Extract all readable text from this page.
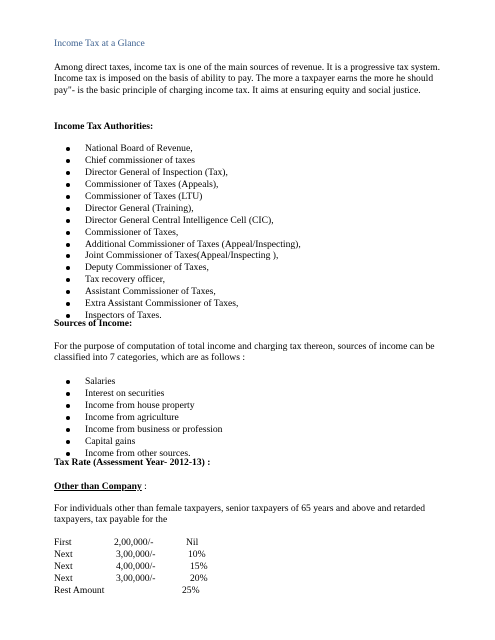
Income Tax at a Glance

Among direct taxes, income tax is one of the main sources of revenue. It is a progressive tax system. Income tax is imposed on the basis of ability to pay. The more a taxpayer earns the more he should pay"- is the basic principle of charging income tax. It aims at ensuring equity and social justice.

Income Tax Authorities:

National Board of Revenue,
Chief commissioner of taxes
Director General of Inspection (Tax),
Commissioner of Taxes (Appeals),
Commissioner of Taxes (LTU)
Director General (Training),
Director General Central Intelligence Cell (CIC),
Commissioner of Taxes,
Additional Commissioner of Taxes (Appeal/Inspecting),
Joint Commissioner of Taxes(Appeal/Inspecting ),
Deputy Commissioner of Taxes,
Tax recovery officer,
Assistant Commissioner of Taxes,
Extra Assistant Commissioner of Taxes,
Inspectors of Taxes.

Sources of Income:

For the purpose of computation of total income and charging tax thereon, sources of income can be classified into 7 categories, which are as follows :

Salaries
Interest on securities
Income from house property
Income from agriculture
Income from business or profession
Capital gains
Income from other sources.

Tax Rate (Assessment Year- 2012-13) :

Other than Company :

For individuals other than female taxpayers, senior taxpayers of 65 years and above and retarded taxpayers, tax payable for the

First	2,00,000/-	Nil
Next	3,00,000/-	10%
Next	4,00,000/-	15%
Next	3,00,000/-	20%
Rest Amount	25%
